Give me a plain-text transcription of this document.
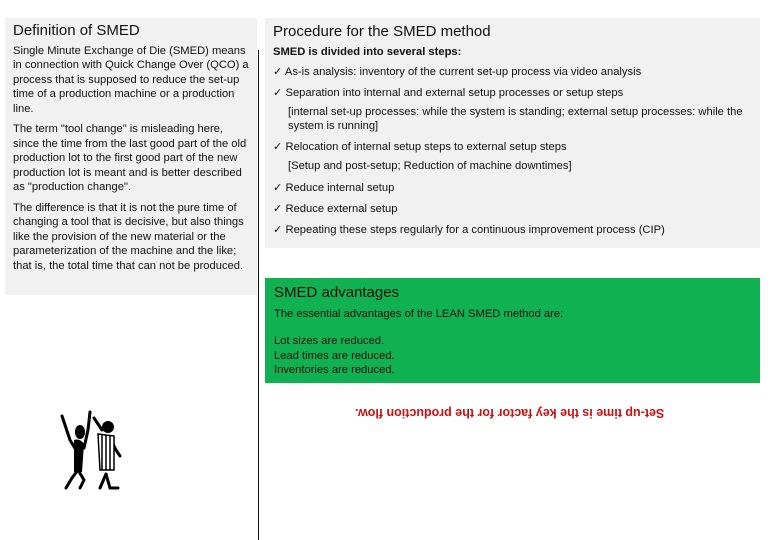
Definition of SMED

Single Minute Exchange of Die (SMED) means in connection with Quick Change Over (QCO) a process that is supposed to reduce the set-up time of a production machine or a production line.

The term "tool change" is misleading here, since the time from the last good part of the old production lot to the first good part of the new production lot is meant and is better described as "production change".

The difference is that it is not the pure time of changing a tool that is decisive, but also things like the provision of the new material or the parameterization of the machine and the like; that is, the total time that can not be produced.

Procedure for the SMED method
SMED is divided into several steps:
✓ As-is analysis: inventory of the current set-up process via video analysis
✓ Separation into internal and external setup processes or setup steps
[internal set-up processes: while the system is standing; external setup processes: while the system is running]
✓ Relocation of internal setup steps to external setup steps
[Setup and post-setup; Reduction of machine downtimes]
✓ Reduce internal setup
✓ Reduce external setup
✓ Repeating these steps regularly for a continuous improvement process (CIP)
SMED advantages
The essential advantages of the LEAN SMED method are:
Lot sizes are reduced.
Lead times are reduced.
Inventories are reduced.
Set-up time is the key factor for the production flow.
